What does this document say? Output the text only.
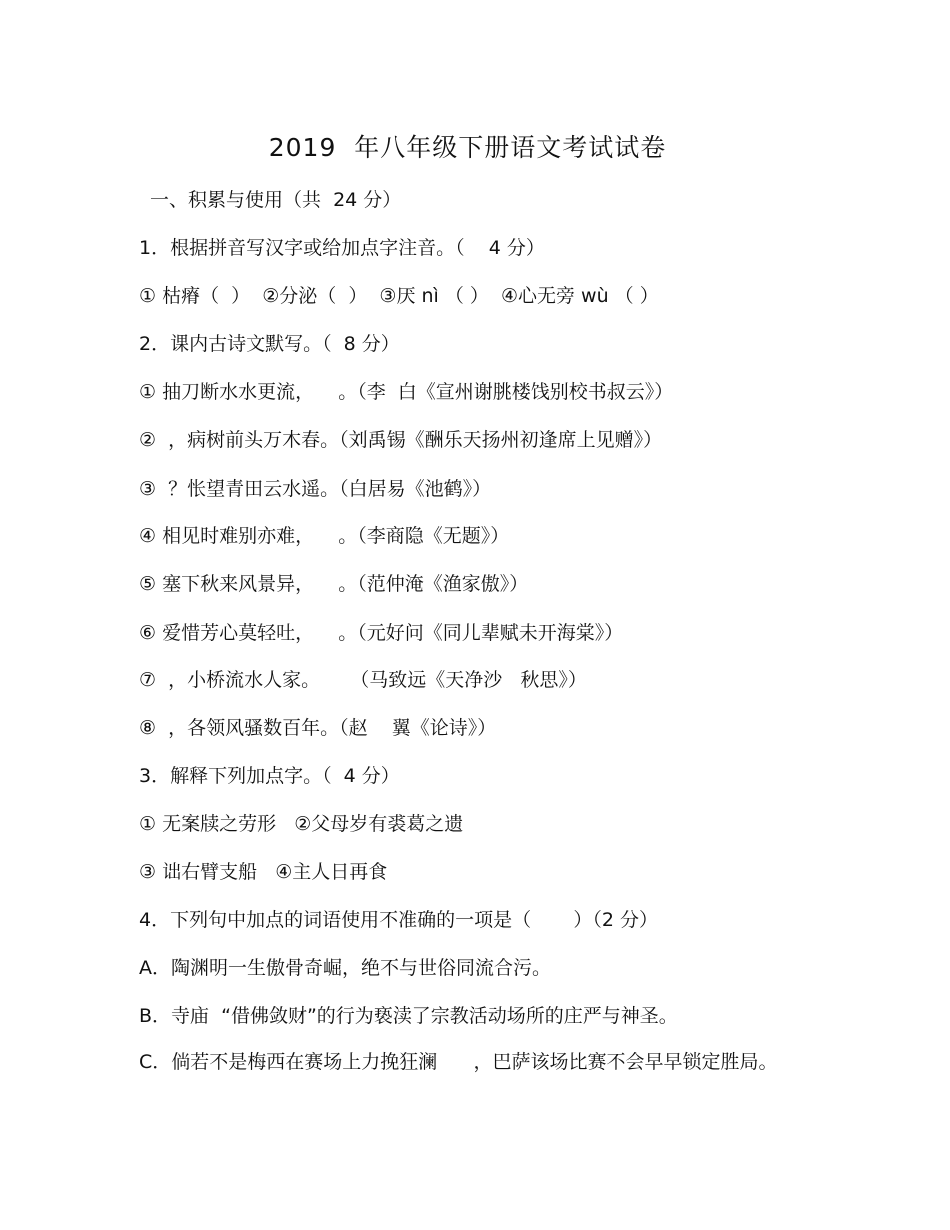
2019  年八年级下册语文考试试卷
一、积累与使用（共  24 分）
1．根据拼音写汉字或给加点字注音。（    4 分）
① 枯瘠（  ）  ②分泌（  ）  ③厌 nì （ ）  ④心无旁 wù （ ）
2．课内古诗文默写。（  8 分）
① 抽刀断水水更流，    。（李  白《宣州谢朓楼饯别校书叔云》）
②  ，病树前头万木春。（刘禹锡《酬乐天扬州初逢席上见赠》）
③  ？怅望青田云水遥。（白居易《池鹤》）
④ 相见时难别亦难，    。（李商隐《无题》）
⑤ 塞下秋来风景异，    。（范仲淹《渔家傲》）
⑥ 爱惜芳心莫轻吐，    。（元好问《同儿辈赋未开海棠》）
⑦  ，小桥流水人家。     （马致远《天净沙   秋思》）
⑧  ，各领风骚数百年。（赵    翼《论诗》）
3．解释下列加点字。（  4 分）
① 无案牍之劳形   ②父母岁有裘葛之遗
③ 诎右臂支船   ④主人日再食
4．下列句中加点的词语使用不准确的一项是（       ）（2 分）
A．陶渊明一生傲骨奇崛，绝不与世俗同流合污。
B．寺庙  “借佛敛财”的行为亵渎了宗教活动场所的庄严与神圣。
C．倘若不是梅西在赛场上力挽狂澜      ，巴萨该场比赛不会早早锁定胜局。
